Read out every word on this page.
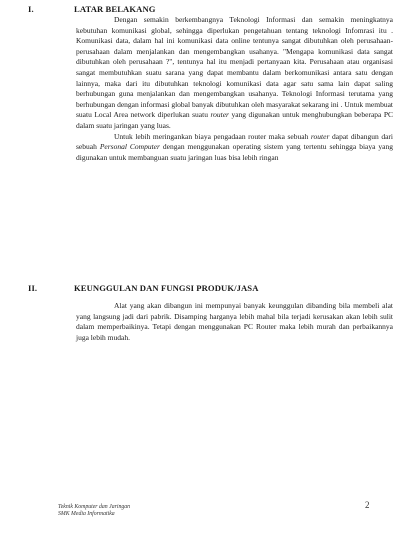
I.	LATAR BELAKANG

Dengan semakin berkembangnya Teknologi Informasi dan semakin meningkatnya kebutuhan komunikasi global, sehingga diperlukan pengetahuan tentang teknologi Infomrasi itu . Komunikasi data, dalam hal ini komunikasi data online tentunya sangat dibutuhkan oleh perusahaan-perusahaan dalam menjalankan dan mengembangkan usahanya. "Mengapa komunikasi data sangat dibutuhkan oleh perusahaan ?", tentunya hal itu menjadi pertanyaan kita. Perusahaan atau organisasi sangat membutuhkan suatu sarana yang dapat membantu dalam berkomunikasi antara satu dengan lainnya, maka dari itu dibutuhkan teknologi komunikasi data agar satu sama lain dapat saling berhubungan guna menjalankan dan mengembangkan usahanya. Teknologi Informasi terutama yang berhubungan dengan informasi global banyak dibutuhkan oleh masyarakat sekarang ini . Untuk membuat suatu Local Area network diperlukan suatu router yang digunakan untuk menghubungkan beberapa PC dalam suatu jaringan yang luas.

Untuk lebih meringankan biaya pengadaan router maka sebuah router dapat dibangun dari sebuah Personal Computer dengan menggunakan operating sistem yang tertentu sehingga biaya yang digunakan untuk membanguan suatu jaringan luas bisa lebih ringan

II.	KEUNGGULAN DAN FUNGSI PRODUK/JASA

Alat yang akan dibangun ini mempunyai banyak keunggulan dibanding bila membeli alat yang langsung jadi dari pabrik. Disamping harganya lebih mahal bila terjadi kerusakan akan lebih sulit dalam memperbaikinya. Tetapi dengan menggunakan PC Router maka lebih murah dan perbaikannya juga lebih mudah.

Teknik Komputer dan Jaringan
SMK Media Informatika
2
